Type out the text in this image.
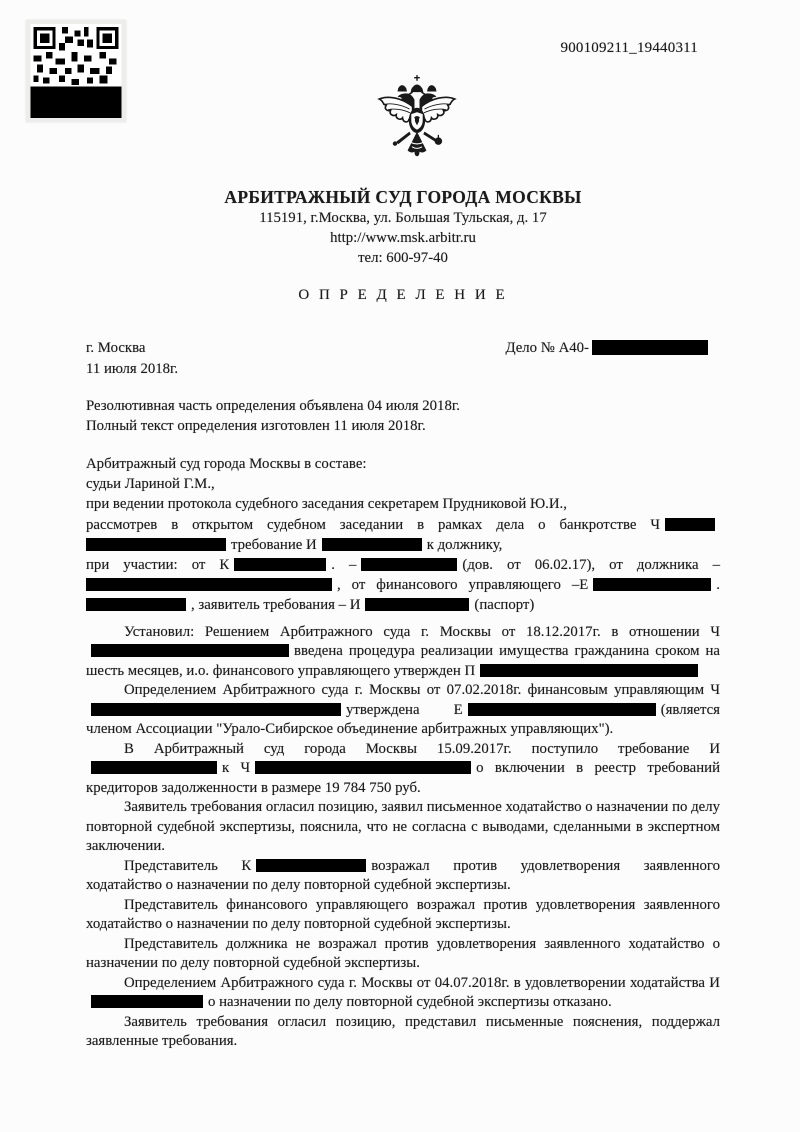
900109211_19440311
АРБИТРАЖНЫЙ СУД ГОРОДА МОСКВЫ
115191, г.Москва, ул. Большая Тульская, д. 17
http://www.msk.arbitr.ru
тел: 600-97-40
О П Р Е Д Е Л Е Н И Е
г. Москва	Дело № А40-
11 июля 2018г.
Резолютивная часть определения объявлена 04 июля 2018г.
Полный текст определения изготовлен 11 июля 2018г.
Арбитражный суд города Москвы в составе:
судьи Лариной Г.М.,
при ведении протокола судебного заседания секретарем Прудниковой Ю.И.,
рассмотрев в открытом судебном заседании в рамках дела о банкротстве Ч
требование И	к должнику,
при участии: от К	. –	(дов. от 06.02.17), от должника –
, от финансового управляющего –Е	.
, заявитель требования – И	(паспорт)

Установил: Решением Арбитражного суда г. Москвы от 18.12.2017г. в отношении Чвведена процедура реализации имущества гражданина сроком на шесть месяцев, и.о. финансового управляющего утвержден П

Определением Арбитражного суда г. Москвы от 07.02.2018г. финансовым управляющим Чутверждена Е	(является членом Ассоциации "Урало-Сибирское объединение арбитражных управляющих").

В Арбитражный суд города Москвы 15.09.2017г. поступило требование Ик Ч	о включении в реестр требований кредиторов задолженности в размере 19 784 750 руб.

Заявитель требования огласил позицию, заявил письменное ходатайство о назначении по делу повторной судебной экспертизы, пояснила, что не согласна с выводами, сделанными в экспертном заключении.

Представитель К	возражал против удовлетворения заявленного ходатайство о назначении по делу повторной судебной экспертизы.

Представитель финансового управляющего возражал против удовлетворения заявленного ходатайство о назначении по делу повторной судебной экспертизы.

Представитель должника не возражал против удовлетворения заявленного ходатайство о назначении по делу повторной судебной экспертизы.

Определением Арбитражного суда г. Москвы от 04.07.2018г. в удовлетворении ходатайства Ио назначении по делу повторной судебной экспертизы отказано.

Заявитель требования огласил позицию, представил письменные пояснения, поддержал заявленные требования.
